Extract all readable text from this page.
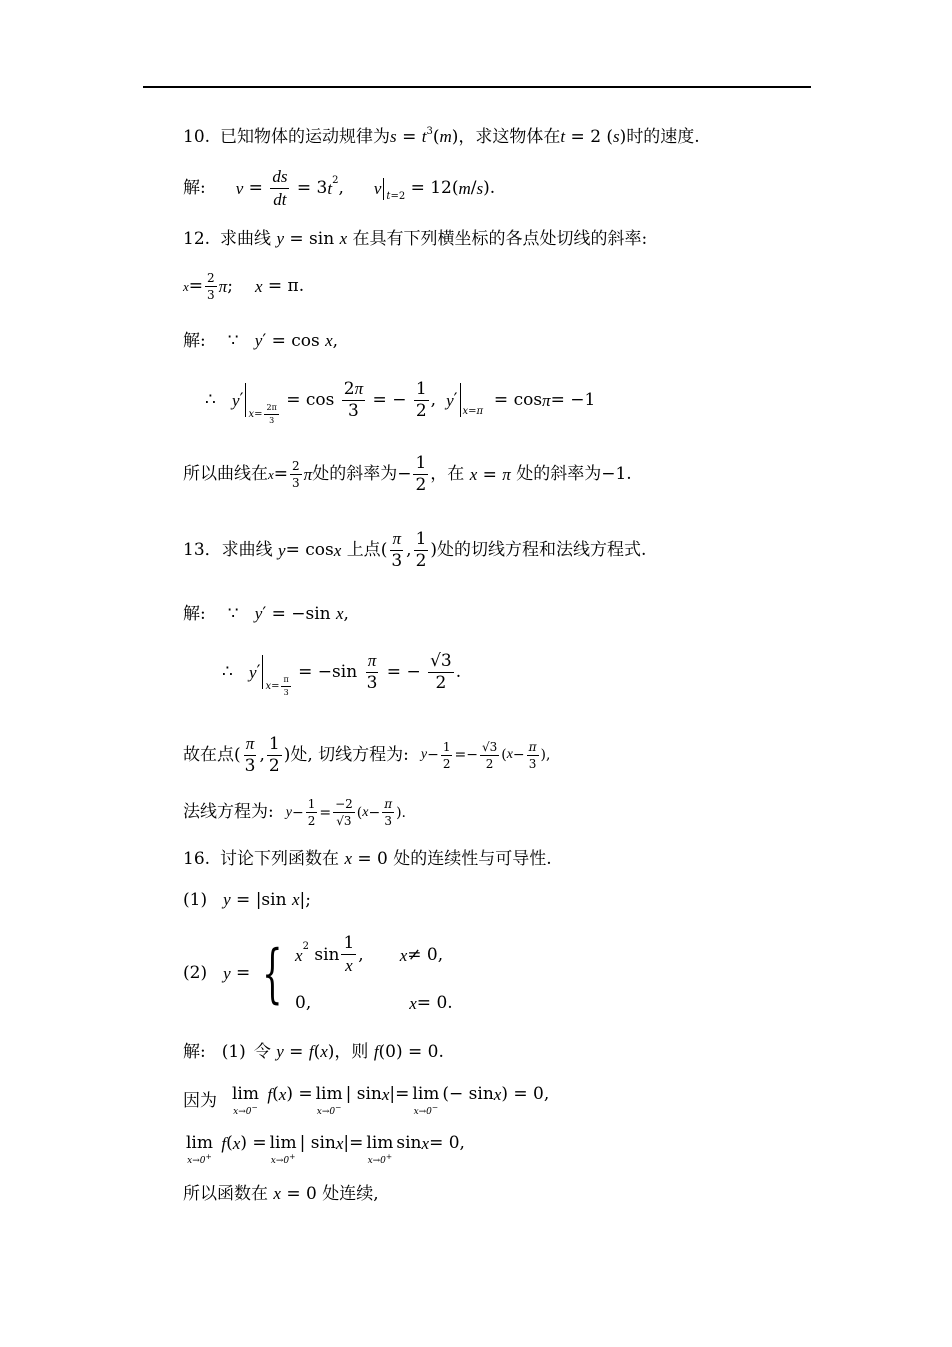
10. 已知物体的运动规律为 $s = t^3(m)$ ，求这物体在 t = 2 (s) 时的速度.
解: $v = \frac{ds}{dt} = 3$ t 2 , v t=2 = 12( m / s ).
12. 求曲线 y = sin x 在具有下列横坐标的各点处切线的斜率:
$x = \frac{2}{3}$ π ; x = π.
解: ∵   y′ = cos x,
∴ y ′
$x= \frac{2\pi}{3}$
= $\cos \frac{2\pi}{3}$ = − $\frac{1}{2}$ , y ′
x=π
= cos π = −1
所以曲线在 $x = \frac{2}{3}$ π 处的斜率为 − $\frac{1}{2}$ ，在 x = π 处的斜率为 −1.
13． 求曲线
y = cos x
上点 ( $\frac{\pi}{3}$ , $\frac{1}{2}$ ) 处的切线方程和法线方程式.
解: ∵   y′ = −sin x,
∴ y ′
$x= \frac{\pi}{3}$
= $-\sin \frac{\pi}{3}$ = − $\frac{√3}{2}$ .
故在点 ( $\frac{\pi}{3}$ , $\frac{1}{2}$ ) 处, 切线方程为: $y - \frac{1}{2} =- \frac{√3}{2}$ ( $x - \frac{\pi}{3}$ ),
法线方程为: $y - \frac{1}{2} = \frac{-2}{√3}$ ( $x - \frac{\pi}{3}$ ).
16. 讨论下列函数在 x = 0 处的连续性与可导性.
(1) y = |sin x|;
(2) y = { x 2 $\sin \frac{1}{x}$ , x ≠ 0,
0,	x = 0.
解: (1) 令 y = f(x) ，则 f(0) = 0.
因为 lim
x→0−

f ( x ) = lim
x→0−
| sin x |= lim
x→0−
(− sin x ) = 0,
lim
x→0+

f ( x ) = lim
x→0+
| sin x |= lim
x→0+
sin x = 0,
所以函数在 x = 0 处连续,
